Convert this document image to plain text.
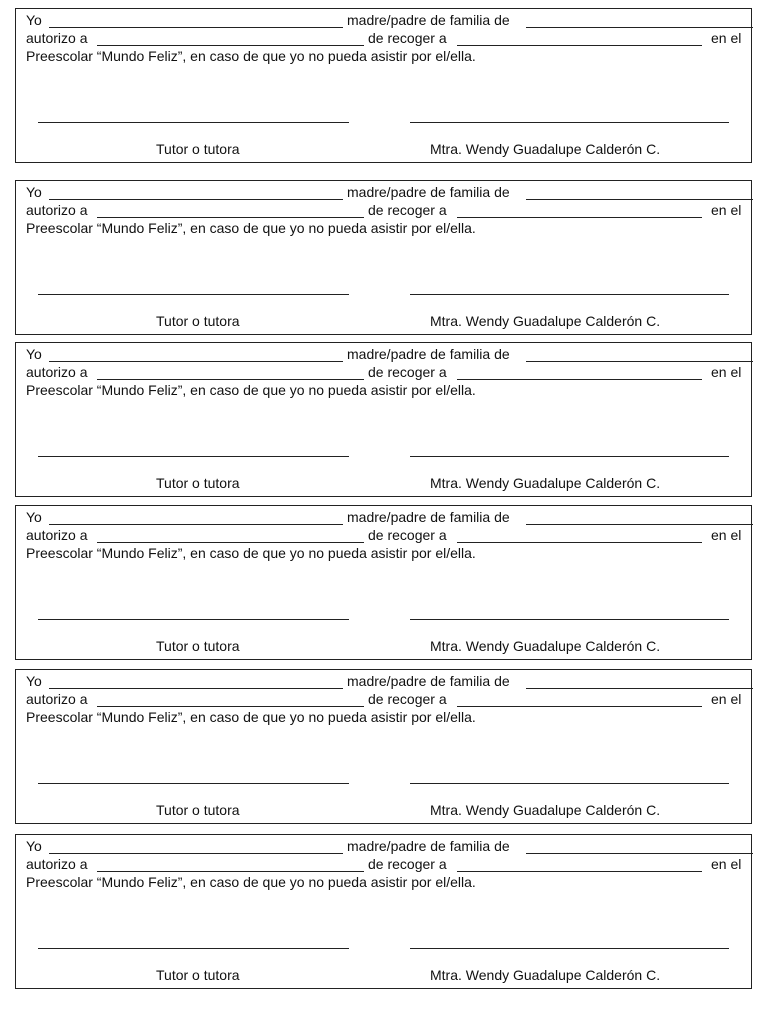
Yo	madre/padre de familia de
autorizo a	de recoger a	en el
Preescolar “Mundo Feliz”, en caso de que yo no pueda asistir por el/ella.
Tutor o tutora	Mtra. Wendy Guadalupe Calderón C.
Yo	madre/padre de familia de
autorizo a	de recoger a	en el
Preescolar “Mundo Feliz”, en caso de que yo no pueda asistir por el/ella.
Tutor o tutora	Mtra. Wendy Guadalupe Calderón C.
Yo	madre/padre de familia de
autorizo a	de recoger a	en el
Preescolar “Mundo Feliz”, en caso de que yo no pueda asistir por el/ella.
Tutor o tutora	Mtra. Wendy Guadalupe Calderón C.
Yo	madre/padre de familia de
autorizo a	de recoger a	en el
Preescolar “Mundo Feliz”, en caso de que yo no pueda asistir por el/ella.
Tutor o tutora	Mtra. Wendy Guadalupe Calderón C.
Yo	madre/padre de familia de
autorizo a	de recoger a	en el
Preescolar “Mundo Feliz”, en caso de que yo no pueda asistir por el/ella.
Tutor o tutora	Mtra. Wendy Guadalupe Calderón C.
Yo	madre/padre de familia de
autorizo a	de recoger a	en el
Preescolar “Mundo Feliz”, en caso de que yo no pueda asistir por el/ella.
Tutor o tutora	Mtra. Wendy Guadalupe Calderón C.
